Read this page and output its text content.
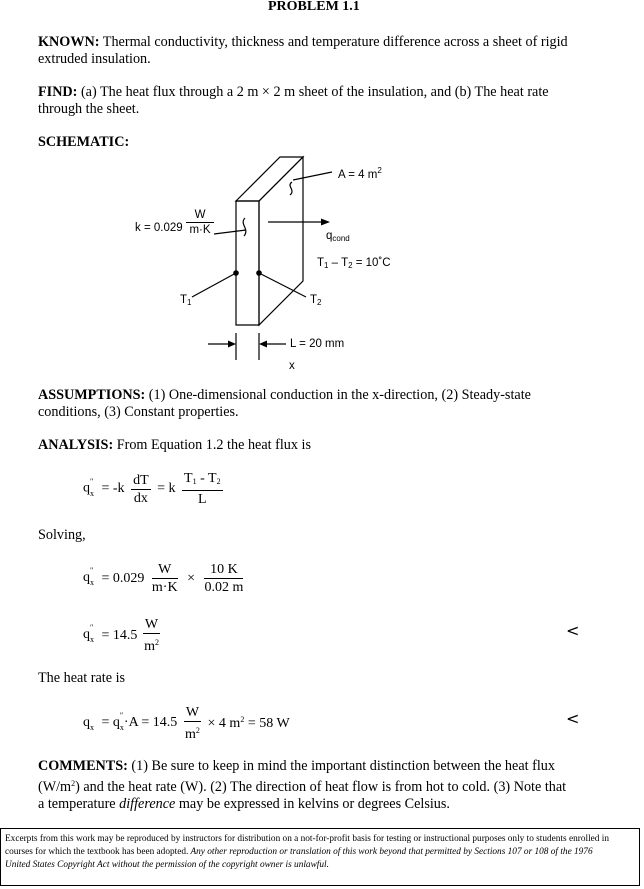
PROBLEM 1.1
KNOWN: Thermal conductivity, thickness and temperature difference across a sheet of rigid
extruded insulation.
FIND: (a) The heat flux through a 2 m × 2 m sheet of the insulation, and (b) The heat rate
through the sheet.
SCHEMATIC:
A = 4 $m^2$
$k = 0.029 \frac{W}{m\cdot K}$	$q_{cond}$
$T_1 - T_2$ = 10˚C
$T_1$	$T_2$
L = 20 mm
x
ASSUMPTIONS: (1) One-dimensional conduction in the x-direction, (2) Steady-state
conditions, (3) Constant properties.
ANALYSIS: From Equation 1.2 the heat flux is
q ″
$_x = -k \frac{dT}{dx} = k \frac{T_1 - T_2}{L}$
Solving,
q "
$_x = 0.029 \frac{W}{m\cdot K} \times \frac{10 K}{0.02 m}$
q ″
$_x = 14.5 \frac{W}{m^2}$	<
The heat rate is
$q_x = q$ ″
$_x\cdot A = 14.5 \frac{W}{m^2} \times 4$ $m^2 = 58$ W	<
COMMENTS: (1) Be sure to keep in mind the important distinction between the heat flux
$(W/m^2)$ and the heat rate (W). (2) The direction of heat flow is from hot to cold. (3) Note that
a temperature difference may be expressed in kelvins or degrees Celsius.
Excerpts from this work may be reproduced by instructors for distribution on a not-for-profit basis for testing or instructional purposes only to students enrolled in
courses for which the textbook has been adopted. Any other reproduction or translation of this work beyond that permitted by Sections 107 or 108 of the 1976
United States Copyright Act without the permission of the copyright owner is unlawful.
